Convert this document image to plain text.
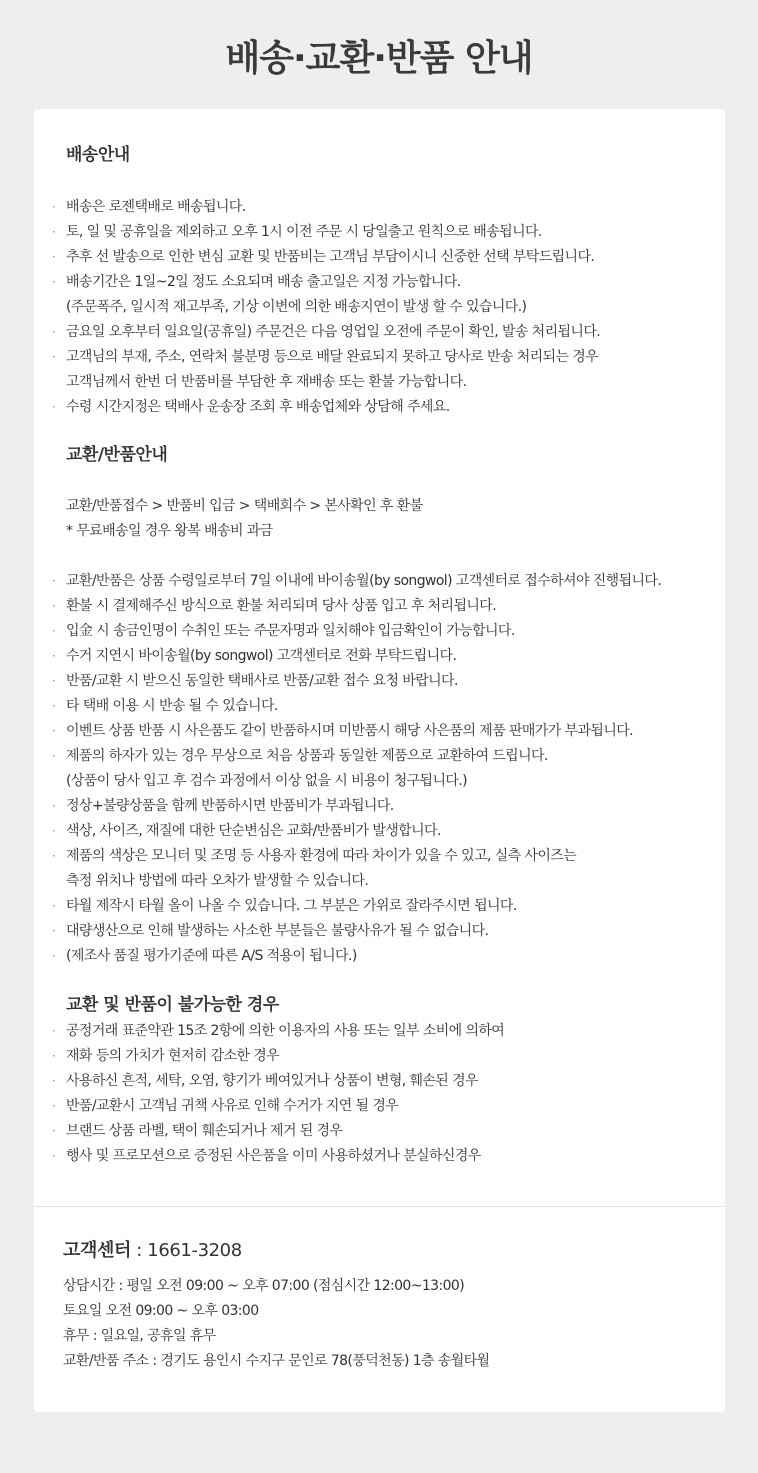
배송·교환·반품 안내
배송안내
· 배송은 로젠택배로 배송됩니다.
· 토, 일 및 공휴일을 제외하고 오후 1시 이전 주문 시 당일출고 원칙으로 배송됩니다.
· 추후 선 발송으로 인한 변심 교환 및 반품비는 고객님 부담이시니 신중한 선택 부탁드립니다.
· 배송기간은 1일~2일 정도 소요되며 배송 출고일은 지정 가능합니다.
(주문폭주, 일시적 재고부족, 기상 이변에 의한 배송지연이 발생 할 수 있습니다.)
· 금요일 오후부터 일요일(공휴일) 주문건은 다음 영업일 오전에 주문이 확인, 발송 처리됩니다.
· 고객님의 부재, 주소, 연락처 불분명 등으로 배달 완료되지 못하고 당사로 반송 처리되는 경우
고객님께서 한번 더 반품비를 부담한 후 재배송 또는 환불 가능합니다.
· 수령 시간지정은 택배사 운송장 조회 후 배송업체와 상담해 주세요.
교환/반품안내
교환/반품접수 > 반품비 입금 > 택배회수 > 본사확인 후 환불
* 무료배송일 경우 왕복 배송비 과금
· 교환/반품은 상품 수령일로부터 7일 이내에 바이송월(by songwol) 고객센터로 접수하셔야 진행됩니다.
· 환불 시 결제해주신 방식으로 환불 처리되며 당사 상품 입고 후 처리됩니다.
· 입金 시 송금인명이 수취인 또는 주문자명과 일치해야 입금확인이 가능합니다.
· 수거 지연시 바이송월(by songwol) 고객센터로 전화 부탁드립니다.
· 반품/교환 시 받으신 동일한 택배사로 반품/교환 접수 요청 바랍니다.
· 타 택배 이용 시 반송 될 수 있습니다.
· 이벤트 상품 반품 시 사은품도 같이 반품하시며 미반품시 해당 사은품의 제품 판매가가 부과됩니다.
· 제품의 하자가 있는 경우 무상으로 처음 상품과 동일한 제품으로 교환하여 드립니다.
(상품이 당사 입고 후 검수 과정에서 이상 없을 시 비용이 청구됩니다.)
· 정상+불량상품을 함께 반품하시면 반품비가 부과됩니다.
· 색상, 사이즈, 재질에 대한 단순변심은 교화/반품비가 발생합니다.
· 제품의 색상은 모니터 및 조명 등 사용자 환경에 따라 차이가 있을 수 있고, 실측 사이즈는
측정 위치나 방법에 따라 오차가 발생할 수 있습니다.
· 타월 제작시 타월 올이 나올 수 있습니다. 그 부분은 가위로 잘라주시면 됩니다.
· 대량생산으로 인해 발생하는 사소한 부분들은 불량사유가 될 수 없습니다.
· (제조사 품질 평가기준에 따른 A/S 적용이 됩니다.)
교환 및 반품이 불가능한 경우
· 공정거래 표준약관 15조 2항에 의한 이용자의 사용 또는 일부 소비에 의하여
· 재화 등의 가치가 현저히 감소한 경우
· 사용하신 흔적, 세탁, 오염, 향기가 베여있거나 상품이 변형, 훼손된 경우
· 반품/교환시 고객님 귀책 사유로 인해 수거가 지연 될 경우
· 브랜드 상품 라벨, 택이 훼손되거나 제거 된 경우
· 행사 및 프로모션으로 증정된 사은품을 이미 사용하셨거나 분실하신경우
고객센터 : 1661-3208
상담시간 : 평일 오전 09:00 ~ 오후 07:00 (점심시간 12:00~13:00)
토요일 오전 09:00 ~ 오후 03:00
휴무 : 일요일, 공휴일 휴무
교환/반품 주소 : 경기도 용인시 수지구 문인로 78(풍덕천동) 1층 송월타월
